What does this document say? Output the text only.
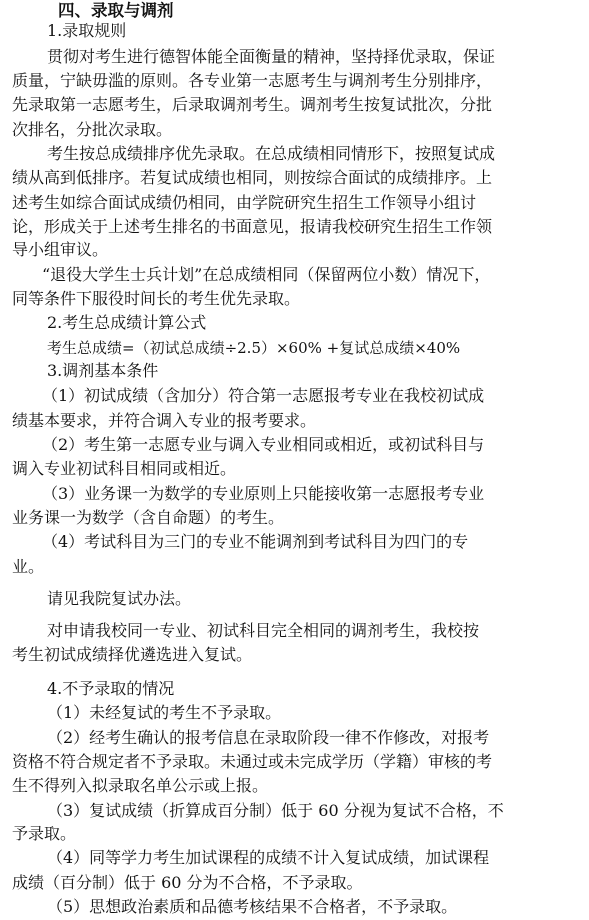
四、录取与调剂
1.录取规则
贯彻对考生进行德智体能全面衡量的精神，坚持择优录取，保证
质量，宁缺毋滥的原则。各专业第一志愿考生与调剂考生分别排序，
先录取第一志愿考生，后录取调剂考生。调剂考生按复试批次，分批
次排名，分批次录取。
考生按总成绩排序优先录取。在总成绩相同情形下，按照复试成
绩从高到低排序。若复试成绩也相同，则按综合面试的成绩排序。上
述考生如综合面试成绩仍相同，由学院研究生招生工作领导小组讨
论，形成关于上述考生排名的书面意见，报请我校研究生招生工作领
导小组审议。
“退役大学生士兵计划”在总成绩相同（保留两位小数）情况下，
同等条件下服役时间长的考生优先录取。
2.考生总成绩计算公式
考生总成绩=（初试总成绩÷2.5）×60% +复试总成绩×40%
3.调剂基本条件
（1）初试成绩（含加分）符合第一志愿报考专业在我校初试成
绩基本要求，并符合调入专业的报考要求。
（2）考生第一志愿专业与调入专业相同或相近，或初试科目与
调入专业初试科目相同或相近。
（3）业务课一为数学的专业原则上只能接收第一志愿报考专业
业务课一为数学（含自命题）的考生。
（4）考试科目为三门的专业不能调剂到考试科目为四门的专
业。
请见我院复试办法。
对申请我校同一专业、初试科目完全相同的调剂考生，我校按
考生初试成绩择优遴选进入复试。
4.不予录取的情况
（1）未经复试的考生不予录取。
（2）经考生确认的报考信息在录取阶段一律不作修改，对报考
资格不符合规定者不予录取。未通过或未完成学历（学籍）审核的考
生不得列入拟录取名单公示或上报。
（3）复试成绩（折算成百分制）低于 60 分视为复试不合格，不
予录取。
（4）同等学力考生加试课程的成绩不计入复试成绩，加试课程
成绩（百分制）低于 60 分为不合格，不予录取。
（5）思想政治素质和品德考核结果不合格者，不予录取。
